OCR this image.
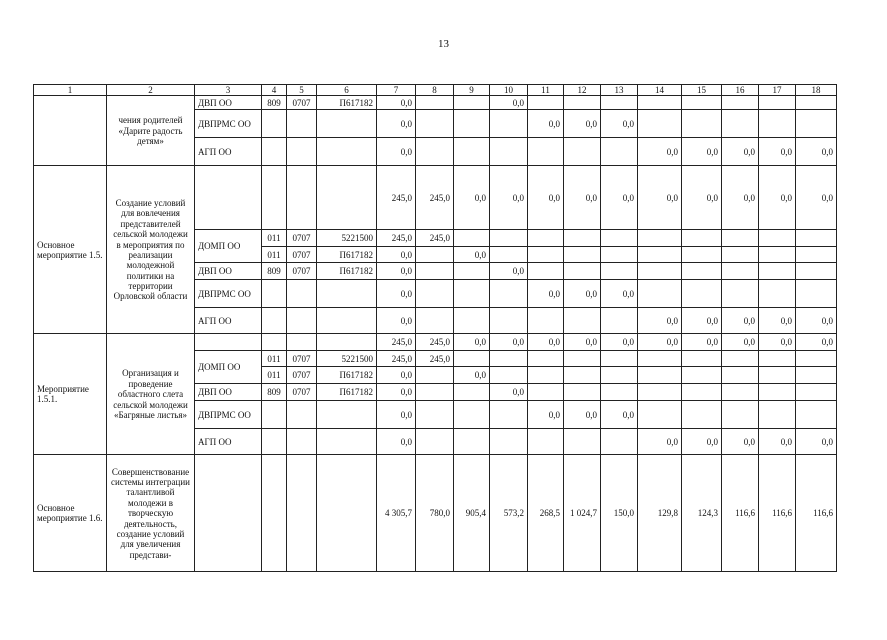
13
1	2	3	4	5	6	7	8	9	10	11	12	13	14	15	16	17	18
	чения родителей «Дарите радость детям»	ДВП ОО	809	0707	П617182	0,0			0,0								
		ДВПРМС ОО				0,0				0,0	0,0	0,0					
		АГП ОО				0,0							0,0	0,0	0,0	0,0	0,0
Основное мероприятие 1.5.	Создание условий для вовлечения представителей сельской молодежи в мероприятия по реализации молодежной политики на территории Орловской области					245,0	245,0	0,0	0,0	0,0	0,0	0,0	0,0	0,0	0,0	0,0	0,0
		ДОМП ОО	011	0707	5221500	245,0	245,0										
			011	0707	П617182	0,0		0,0									
		ДВП ОО	809	0707	П617182	0,0			0,0								
		ДВПРМС ОО				0,0				0,0	0,0	0,0					
		АГП ОО				0,0							0,0	0,0	0,0	0,0	0,0
Мероприятие 1.5.1.	Организация и проведение областного слета сельской молодежи «Багряные листья»					245,0	245,0	0,0	0,0	0,0	0,0	0,0	0,0	0,0	0,0	0,0	0,0
		ДОМП ОО	011	0707	5221500	245,0	245,0										
			011	0707	П617182	0,0		0,0									
		ДВП ОО	809	0707	П617182	0,0			0,0								
		ДВПРМС ОО				0,0				0,0	0,0	0,0					
		АГП ОО				0,0							0,0	0,0	0,0	0,0	0,0
Основное мероприятие 1.6.	Совершенствование системы интеграции талантливой молодежи в творческую деятельность, создание условий для увеличения представи-					4 305,7	780,0	905,4	573,2	268,5	1 024,7	150,0	129,8	124,3	116,6	116,6	116,6
